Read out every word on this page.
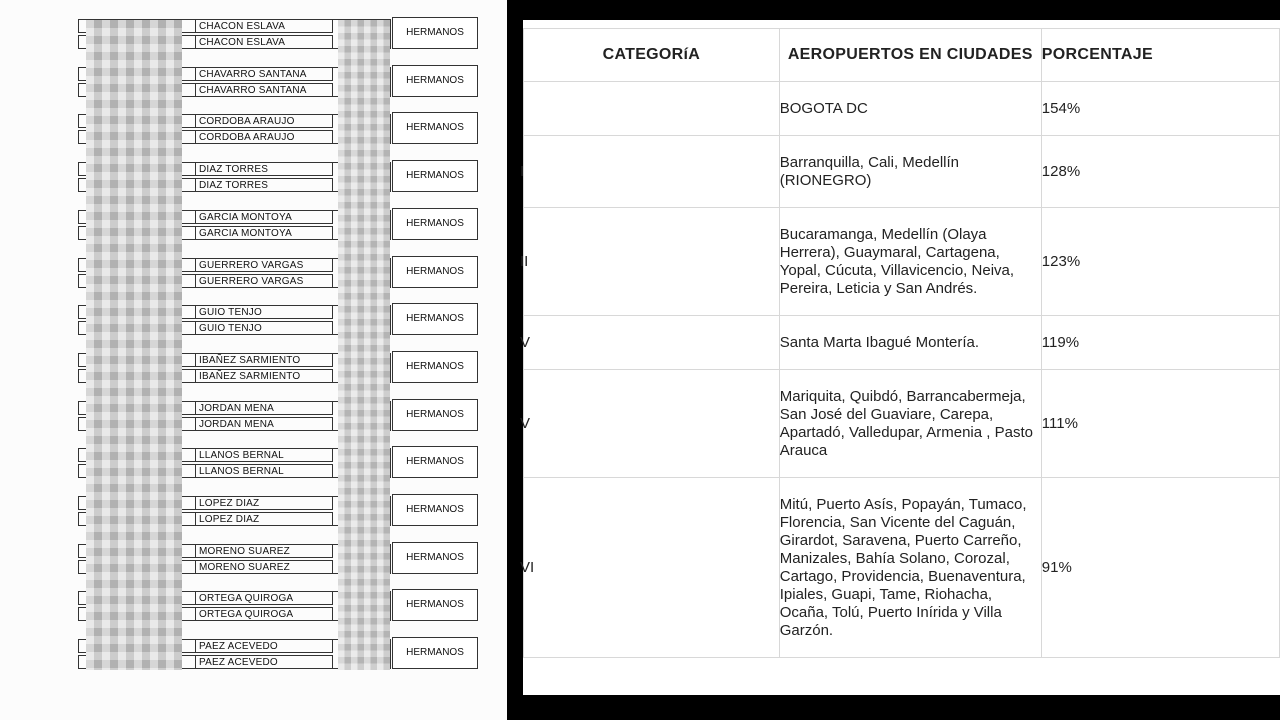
CHACON ESLAVA
CHACON ESLAVA
HERMANOS
CHAVARRO SANTANA
CHAVARRO SANTANA
HERMANOS
CORDOBA ARAUJO
CORDOBA ARAUJO
HERMANOS
DIAZ TORRES
DIAZ TORRES
HERMANOS
GARCIA MONTOYA
GARCIA MONTOYA
HERMANOS
GUERRERO VARGAS
GUERRERO VARGAS
HERMANOS
GUIO TENJO
GUIO TENJO
HERMANOS
IBAÑEZ SARMIENTO
IBAÑEZ SARMIENTO
HERMANOS
JORDAN MENA
JORDAN MENA
HERMANOS
LLANOS BERNAL
LLANOS BERNAL
HERMANOS
LOPEZ DIAZ
LOPEZ DIAZ
HERMANOS
MORENO SUAREZ
MORENO SUAREZ
HERMANOS
ORTEGA QUIROGA
ORTEGA QUIROGA
HERMANOS
PAEZ ACEVEDO
PAEZ ACEVEDO
HERMANOS
CATEGORíA	AEROPUERTOS EN CIUDADES	PORCENTAJE
	BOGOTA DC	154%
I	Barranquilla, Cali, Medellín (RIONEGRO)	128%
II	Bucaramanga, Medellín (Olaya Herrera), Guaymaral, Cartagena, Yopal, Cúcuta, Villavicencio, Neiva, Pereira, Leticia y San Andrés.	123%
V	Santa Marta Ibagué Montería.	119%
V	Mariquita, Quibdó, Barrancabermeja, San José del Guaviare, Carepa, Apartadó, Valledupar, Armenia , Pasto Arauca	111%
VI	Mitú, Puerto Asís, Popayán, Tumaco, Florencia, San Vicente del Caguán, Girardot, Saravena, Puerto Carreño, Manizales, Bahía Solano, Corozal, Cartago, Providencia, Buenaventura, Ipiales, Guapi, Tame, Riohacha, Ocaña, Tolú, Puerto Inírida y Villa Garzón.	91%
